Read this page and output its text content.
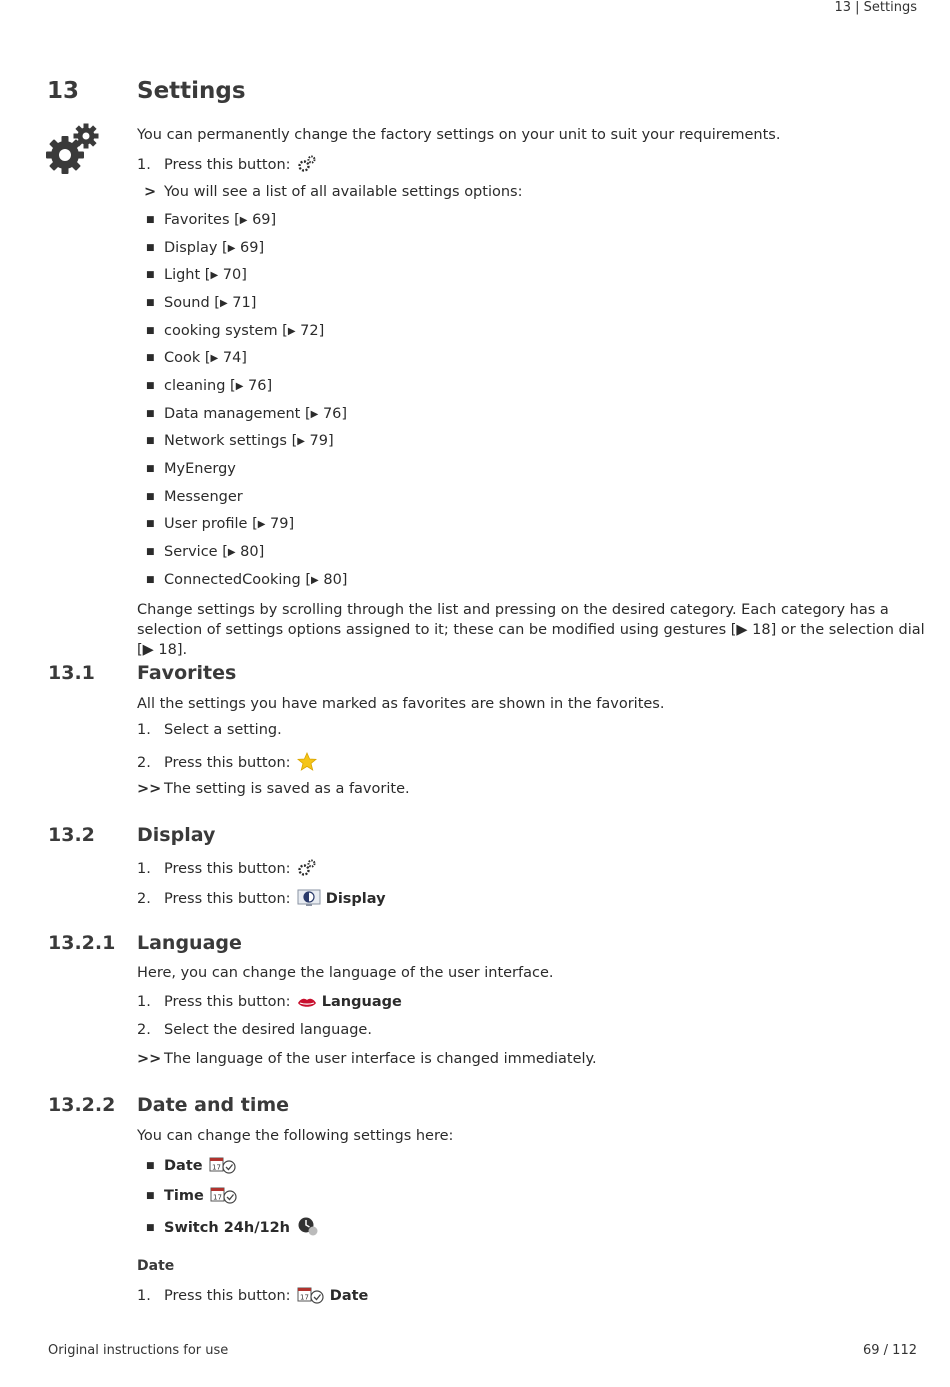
13 | Settings
Original instructions for use	69 / 112
13	Settings
You can permanently change the factory settings on your unit to suit your requirements.
1. Press this button:
> You will see a list of all available settings options:
■ Favorites [▶ 69]
■ Display [▶ 69]
■ Light [▶ 70]
■ Sound [▶ 71]
■ cooking system [▶ 72]
■ Cook [▶ 74]
■ cleaning [▶ 76]
■ Data management [▶ 76]
■ Network settings [▶ 79]
■ MyEnergy
■ Messenger
■ User profile [▶ 79]
■ Service [▶ 80]
■ ConnectedCooking [▶ 80]
Change settings by scrolling through the list and pressing on the desired category. Each category has a selection of settings options assigned to it; these can be modified using gestures [▶ 18] or the selection dial [▶ 18].
13.1 Favorites
All the settings you have marked as favorites are shown in the favorites.
1. Select a setting.
2. Press this button:
>> The setting is saved as a favorite.
13.2 Display
1. Press this button:
2. Press this button: Display
13.2.1 Language
Here, you can change the language of the user interface.
1. Press this button: Language
2. Select the desired language.
>> The language of the user interface is changed immediately.
13.2.2 Date and time
You can change the following settings here:
■ Date 17
■ Time 17
■ Switch 24h/12h
Date
1. Press this button: 17 Date
